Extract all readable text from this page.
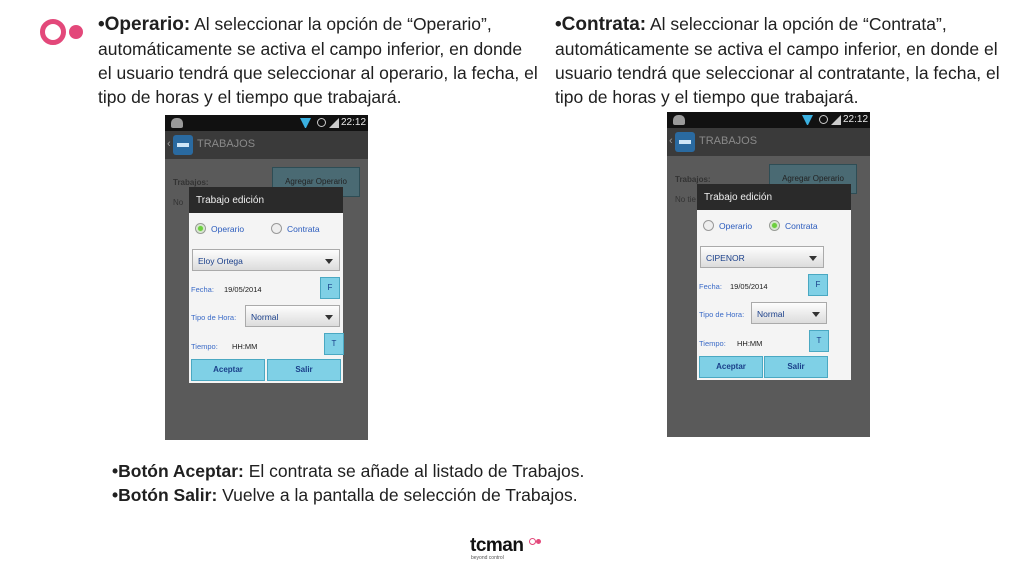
•Operario: Al seleccionar la opción de “Operario”, automáticamente se activa el campo inferior, en donde el usuario tendrá que seleccionar al operario, la fecha, el tipo de horas y el tiempo que trabajará.
•Contrata: Al seleccionar la opción de “Contrata”, automáticamente se activa el campo inferior, en donde el usuario tendrá que seleccionar al contratante, la fecha, el tipo de horas y el tiempo que trabajará.
22:12
‹ TRABAJOS
Trabajos:
No
Agregar Operario
Trabajo edición
Operario	Contrata
Eloy Ortega
Fecha: 19/05/2014	F
Tipo de Hora:	Normal
Tiempo: HH:MM	T
Aceptar	Salir
22:12
‹ TRABAJOS
Trabajos:
No tie
Agregar Operario
Trabajo edición
Operario	Contrata
CIPENOR
Fecha: 19/05/2014	F
Tipo de Hora:	Normal
Tiempo: HH:MM	T
Aceptar	Salir
•Botón Aceptar: El contrata se añade al listado de Trabajos.
•Botón Salir: Vuelve a la pantalla de selección de Trabajos.
tcman
beyond control
